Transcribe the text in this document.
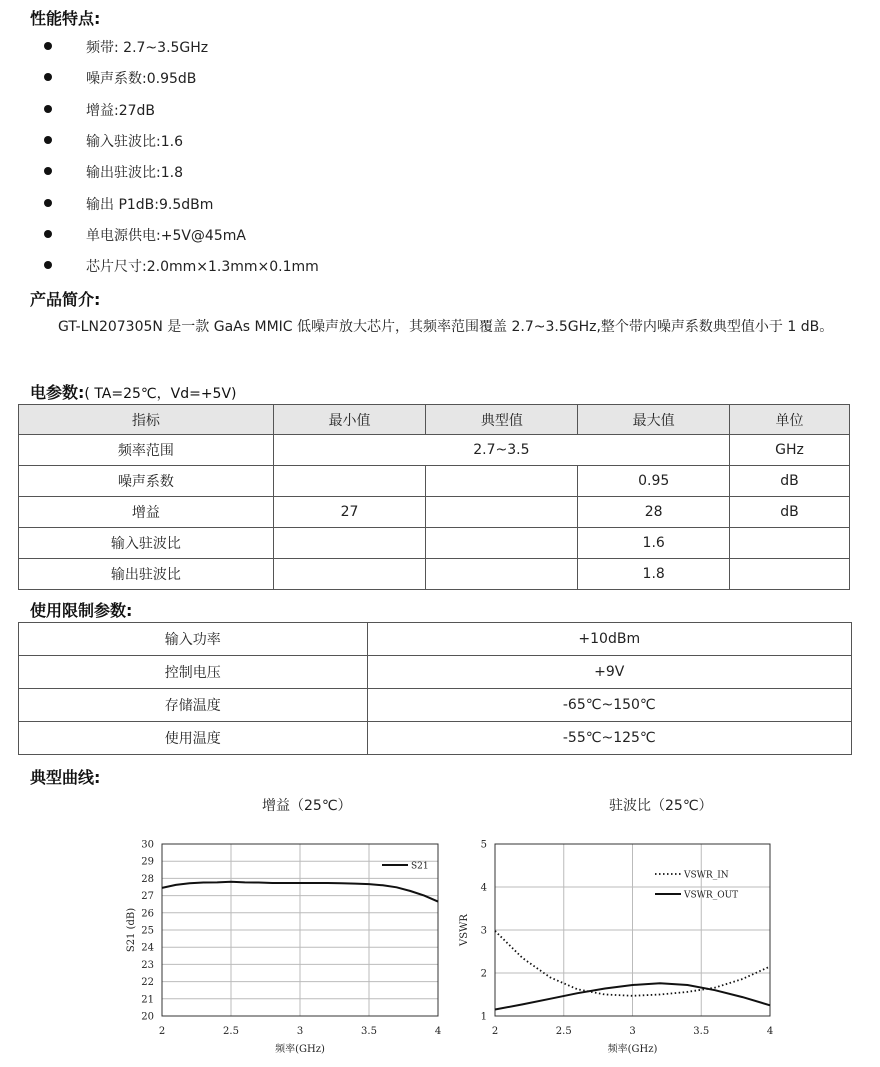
性能特点:
频带: 2.7~3.5GHz
噪声系数:0.95dB
增益:27dB
输入驻波比:1.6
输出驻波比:1.8
输出 P1dB:9.5dBm
单电源供电:+5V@45mA
芯片尺寸:2.0mm×1.3mm×0.1mm
产品简介:
GT-LN207305N 是一款 GaAs MMIC 低噪声放大芯片，其频率范围覆盖 2.7~3.5GHz,整个带内噪声系数典型值小于 1 dB。
电参数:( TA=25℃，Vd=+5V)
指标	最小值	典型值	最大值	单位
频率范围	2.7~3.5			GHz
噪声系数			0.95	dB
增益	27		28	dB
输入驻波比			1.6	
输出驻波比			1.8	
使用限制参数:
输入功率	+10dBm
控制电压	+9V
存储温度	-65℃~150℃
使用温度	-55℃~125℃
典型曲线:
增益（25℃）	驻波比（25℃）
2	2.5	3	3.5	4
20
21
22
23
24
25
26
27
28
29
30
频率(GHz)
S21 (dB)
S21
2	2.5	3	3.5	4
1
2
3
4
5
频率(GHz)
VSWR
VSWR_IN
VSWR_OUT
